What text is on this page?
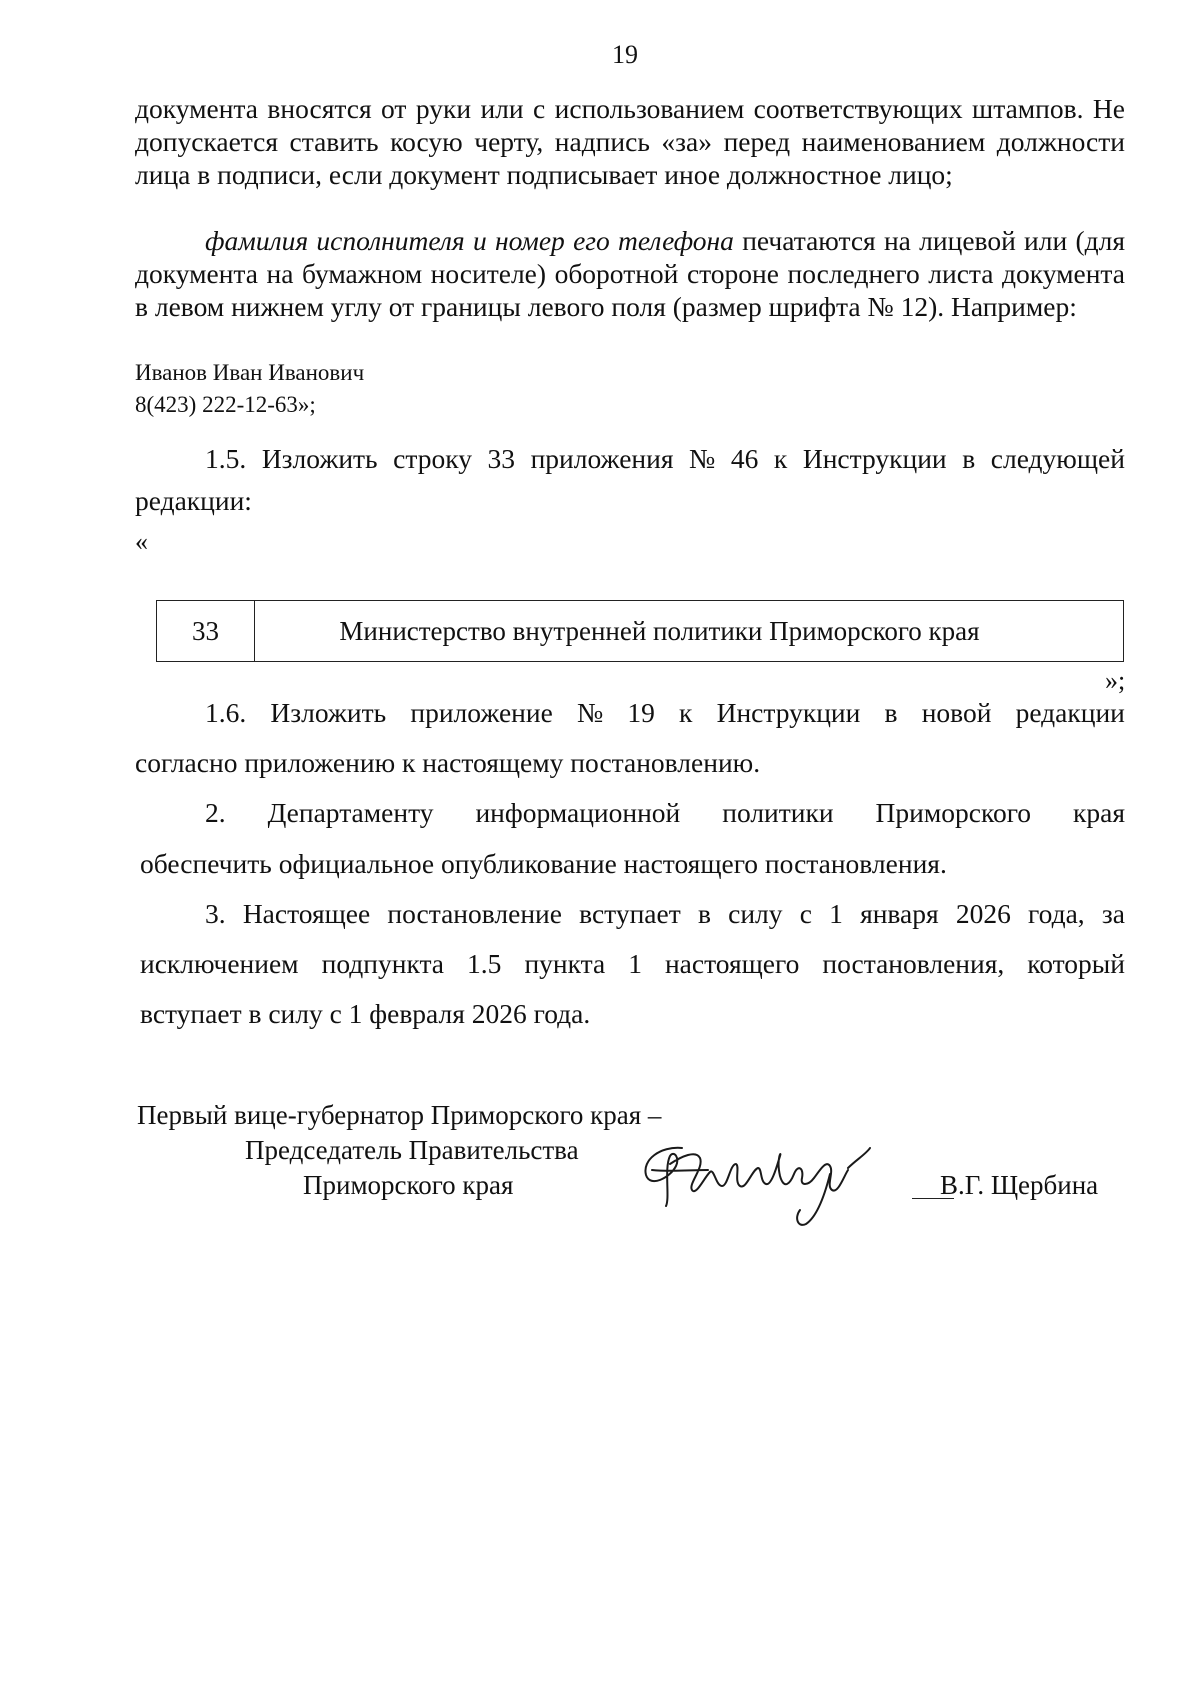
19
документа вносятся от руки или с использованием соответствующих штампов. Не допускается ставить косую черту, надпись «за» перед наименованием должности лица в подписи, если документ подписывает иное должностное лицо;
фамилия исполнителя и номер его телефона печатаются на лицевой или (для документа на бумажном носителе) оборотной стороне последнего листа документа в левом нижнем углу от границы левого поля (размер шрифта № 12). Например:
Иванов Иван Иванович
8(423) 222-12-63»;
1.5. Изложить строку 33 приложения № 46 к Инструкции в следующей
редакции:
«
33	Министерство внутренней политики Приморского края
»;
1.6. Изложить приложение № 19 к Инструкции в новой редакции
согласно приложению к настоящему постановлению.
2. Департаменту информационной политики Приморского края
обеспечить официальное опубликование настоящего постановления.
3. Настоящее постановление вступает в силу с 1 января 2026 года, за
исключением подпункта 1.5 пункта 1 настоящего постановления, который
вступает в силу с 1 февраля 2026 года.
Первый вице-губернатор Приморского края –
Председатель Правительства
Приморского края	В.Г. Щербина
